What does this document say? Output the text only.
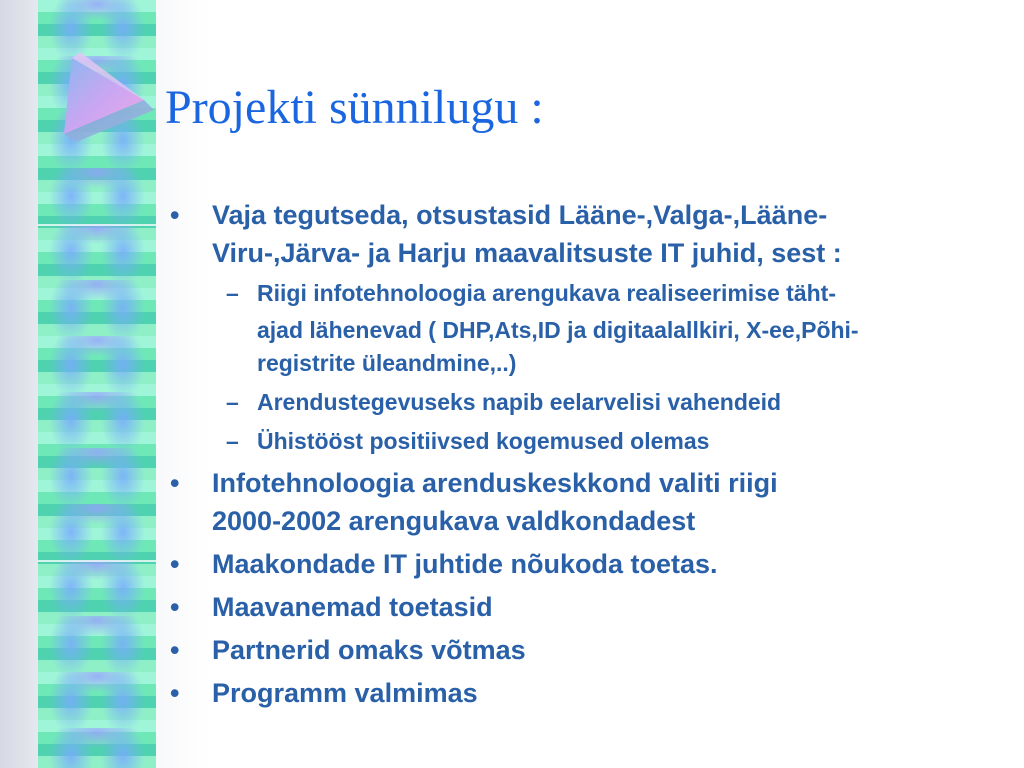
Projekti sünnilugu :
• Vaja tegutseda, otsustasid Lääne-,Valga-,Lääne-
Viru-,Järva- ja Harju maavalitsuste IT juhid, sest :
– Riigi infotehnoloogia arengukava realiseerimise täht-
ajad lähenevad ( DHP,Ats,ID ja digitaalallkiri, X-ee,Põhi-
registrite üleandmine,..)
– Arendustegevuseks napib eelarvelisi vahendeid
– Ühistööst positiivsed kogemused olemas
• Infotehnoloogia arenduskeskkond valiti riigi
2000-2002 arengukava valdkondadest
• Maakondade IT juhtide nõukoda toetas.
• Maavanemad toetasid
• Partnerid omaks võtmas
• Programm valmimas
